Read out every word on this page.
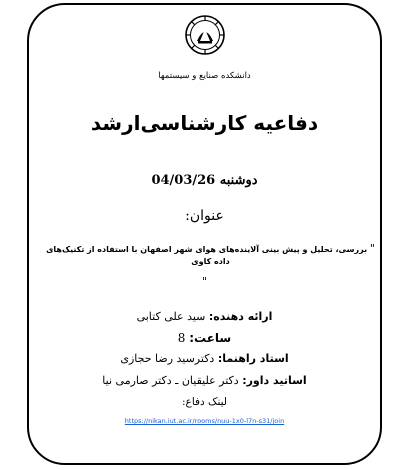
دانشکده صنایع و سیستمها
دفاعیه کارشناسی‌ارشد
دوشنبه 04/03/26
عنوان:
" بررسی، تحلیل و پیش بینی آلاینده‌های هوای شهر اصفهان با استفاده از تکنیک‌های داده کاوی
"
ارائه دهنده: سید علی کتابی
ساعت: 8
استاد راهنما: دکترسید رضا حجازی
اساتید داور: دکتر علیقیان ـ دکتر صارمی نیا
لینک دفاع:
https://nikan.iut.ac.ir/rooms/nuu-1x0-l7n-s31/join
